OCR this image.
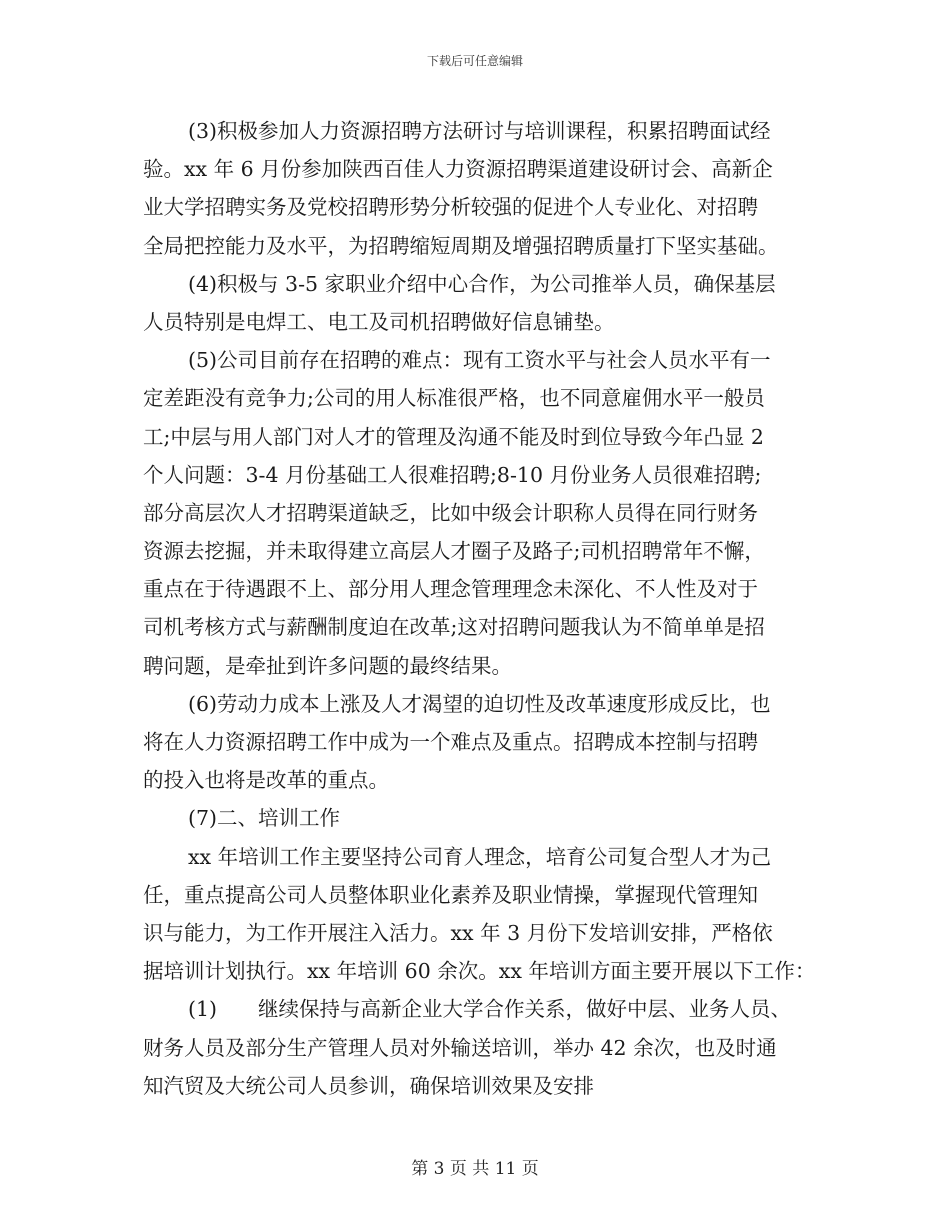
下载后可任意编辑
(3)积极参加人力资源招聘方法研讨与培训课程，积累招聘面试经
验。xx 年 6 月份参加陕西百佳人力资源招聘渠道建设研讨会、高新企
业大学招聘实务及党校招聘形势分析较强的促进个人专业化、对招聘
全局把控能力及水平，为招聘缩短周期及增强招聘质量打下坚实基础。
(4)积极与 3-5 家职业介绍中心合作，为公司推举人员，确保基层
人员特别是电焊工、电工及司机招聘做好信息铺垫。
(5)公司目前存在招聘的难点：现有工资水平与社会人员水平有一
定差距没有竞争力;公司的用人标准很严格，也不同意雇佣水平一般员
工;中层与用人部门对人才的管理及沟通不能及时到位导致今年凸显 2
个人问题：3-4 月份基础工人很难招聘;8-10 月份业务人员很难招聘;
部分高层次人才招聘渠道缺乏，比如中级会计职称人员得在同行财务
资源去挖掘，并未取得建立高层人才圈子及路子;司机招聘常年不懈，
重点在于待遇跟不上、部分用人理念管理理念未深化、不人性及对于
司机考核方式与薪酬制度迫在改革;这对招聘问题我认为不简单单是招
聘问题，是牵扯到许多问题的最终结果。
(6)劳动力成本上涨及人才渴望的迫切性及改革速度形成反比，也
将在人力资源招聘工作中成为一个难点及重点。招聘成本控制与招聘
的投入也将是改革的重点。
(7)二、培训工作
xx 年培训工作主要坚持公司育人理念，培育公司复合型人才为己
任，重点提高公司人员整体职业化素养及职业情操，掌握现代管理知
识与能力，为工作开展注入活力。xx 年 3 月份下发培训安排，严格依
据培训计划执行。xx 年培训 60 余次。xx 年培训方面主要开展以下工作：
(1)　　继续保持与高新企业大学合作关系，做好中层、业务人员、
财务人员及部分生产管理人员对外输送培训，举办 42 余次，也及时通
知汽贸及大统公司人员参训，确保培训效果及安排
第 3 页 共 11 页
